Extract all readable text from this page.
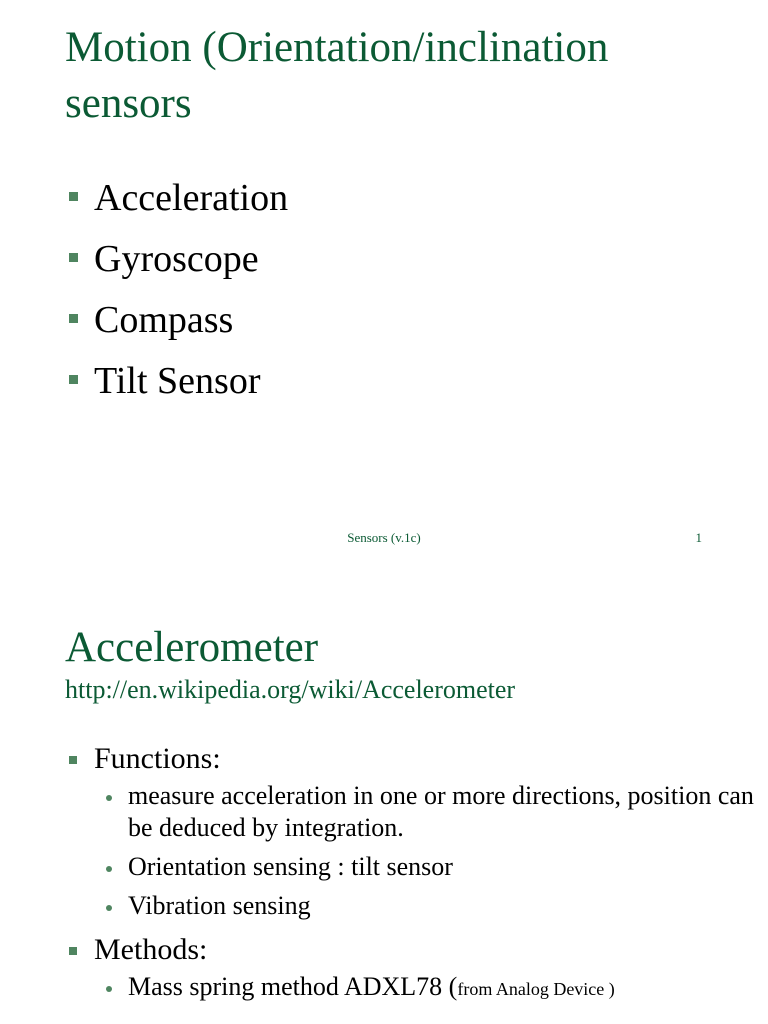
Motion (Orientation/inclination sensors
Acceleration
Gyroscope
Compass
Tilt Sensor
Sensors (v.1c)	1
Accelerometer
http://en.wikipedia.org/wiki/Accelerometer
Functions:
measure acceleration in one or more directions, position can be deduced by integration.
Orientation sensing : tilt sensor
Vibration sensing
Methods:
Mass spring method ADXL78 (from Analog Device )
